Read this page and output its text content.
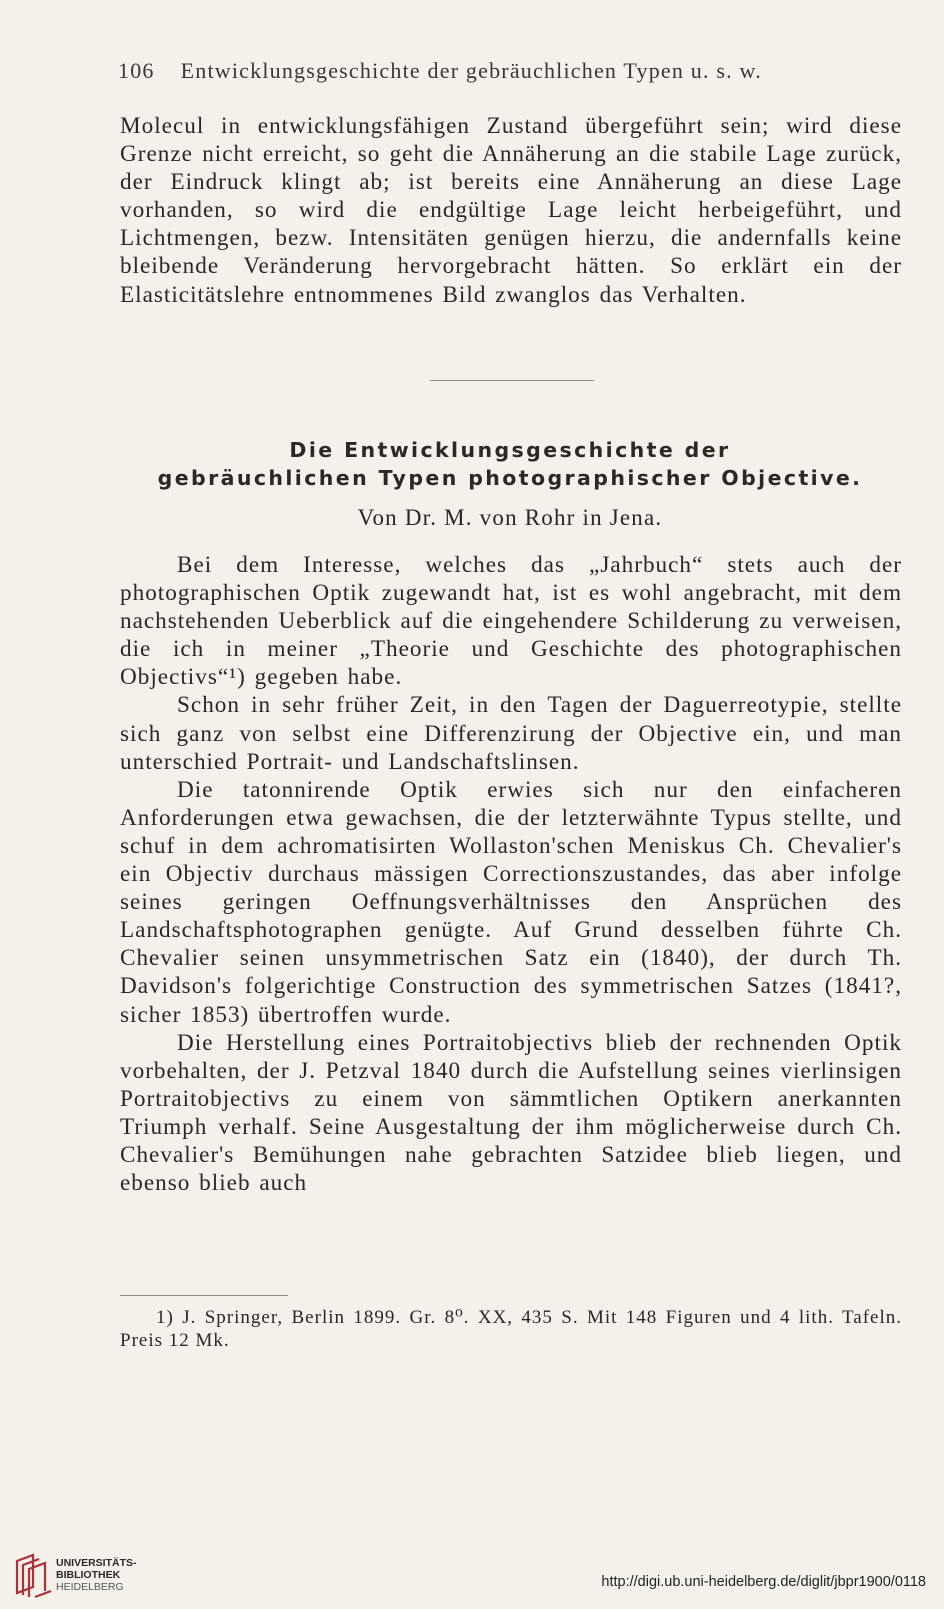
106 Entwicklungsgeschichte der gebräuchlichen Typen u. s. w.

Molecul in entwicklungsfähigen Zustand übergeführt sein; wird diese Grenze nicht erreicht, so geht die Annäherung an die stabile Lage zurück, der Eindruck klingt ab; ist bereits eine Annäherung an diese Lage vorhanden, so wird die endgültige Lage leicht herbeigeführt, und Lichtmengen, bezw. Intensitäten genügen hierzu, die andernfalls keine bleibende Veränderung hervorgebracht hätten. So erklärt ein der Elasticitätslehre entnommenes Bild zwanglos das Verhalten.

Die Entwicklungsgeschichte der
gebräuchlichen Typen photographischer Objective.
Von Dr. M. von Rohr in Jena.

Bei dem Interesse, welches das „Jahrbuch“ stets auch der photographischen Optik zugewandt hat, ist es wohl angebracht, mit dem nachstehenden Ueberblick auf die eingehendere Schilderung zu verweisen, die ich in meiner „Theorie und Geschichte des photographischen Objectivs“¹) gegeben habe.

Schon in sehr früher Zeit, in den Tagen der Daguerreotypie, stellte sich ganz von selbst eine Differenzirung der Objective ein, und man unterschied Portrait- und Landschaftslinsen.

Die tatonnirende Optik erwies sich nur den einfacheren Anforderungen etwa gewachsen, die der letzterwähnte Typus stellte, und schuf in dem achromatisirten Wollaston'schen Meniskus Ch. Chevalier's ein Objectiv durchaus mässigen Correctionszustandes, das aber infolge seines geringen Oeffnungsverhältnisses den Ansprüchen des Landschaftsphotographen genügte. Auf Grund desselben führte Ch. Chevalier seinen unsymmetrischen Satz ein (1840), der durch Th. Davidson's folgerichtige Construction des symmetrischen Satzes (1841?, sicher 1853) übertroffen wurde.

Die Herstellung eines Portraitobjectivs blieb der rechnenden Optik vorbehalten, der J. Petzval 1840 durch die Aufstellung seines vierlinsigen Portraitobjectivs zu einem von sämmtlichen Optikern anerkannten Triumph verhalf. Seine Ausgestaltung der ihm möglicherweise durch Ch. Chevalier's Bemühungen nahe gebrachten Satzidee blieb liegen, und ebenso blieb auch

1) J. Springer, Berlin 1899. Gr. 8⁰. XX, 435 S. Mit 148 Figuren und 4 lith. Tafeln. Preis 12 Mk.
UNIVERSITÄTS-
BIBLIOTHEK
HEIDELBERG	http://digi.ub.uni-heidelberg.de/diglit/jbpr1900/0118
